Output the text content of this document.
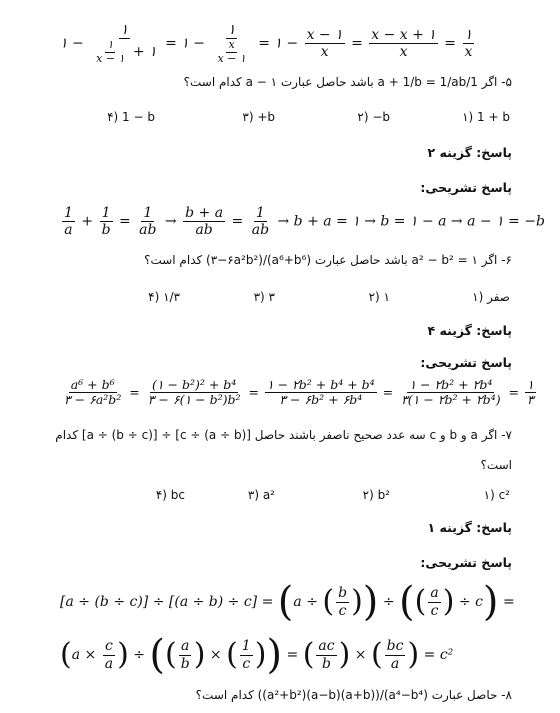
۱ − $\frac{۱}{\frac{۱}{x - ۱} + ۱}$ = ۱ − $\frac{۱}{\frac{x}{x - ۱}}$ = ۱ − $\frac{x - ۱}{x} = \frac{x - x + ۱}{x} = \frac{۱}{x}$
۵- اگر 1/a + 1/b = 1/ab باشد حاصل عبارت a − ۱ کدام است؟
۱) 1 + b
۲) −b
۳) +b
۴) 1 − b
پاسخ: گزینه ۲
پاسخ تشریحی:
$\frac{1}{a} + \frac{1}{b} = \frac{1}{ab} \to \frac{b + a}{ab} = \frac{1}{ab} \to b + a$ = ۱ → b = ۱ − a → a − ۱ = −b
۶- اگر a² − b² = ۱ باشد حاصل عبارت (a⁶+b⁶)/(۳−۶a²b²) کدام است؟
۱) صفر
۲) ۱
۳) ۳
۴) ۱/۳
پاسخ: گزینه ۴
پاسخ تشریحی:
$\frac{\text{a⁶ + b⁶}}{\text{۳ − ۶a²b²}} = \frac{\text{(۱ − b²)² + b⁴}}{\text{۳ − ۶(۱ − b²)b²}} = \frac{\text{۱ − ۲b² + b⁴ + b⁴}}{\text{۳ − ۶b² + ۶b⁴}} = \frac{\text{۱ − ۲b² + ۲b⁴}}{\text{۳(۱ − ۲b² + ۲b⁴)}} = \frac{۱}{۳}$
۷- اگر a و b و c سه عدد صحیح ناصفر باشند حاصل [(a ÷ b) ÷ c] ÷ [a ÷ (b ÷ c)] کدام
است؟
۱) c²
۲) b²
۳) a²
۴) bc
پاسخ: گزینه ۱
پاسخ تشریحی:
[a ÷ (b ÷ c)] ÷ [(a ÷ b) ÷ c] = (a ÷ ( $\frac{b}{c}$ )) ÷ (( $\frac{a}{c}$ ) ÷ c) =
($a \times \frac{c}{a}$ ) ÷ (( $\frac{a}{b}$ ) × ( $\frac{1}{c}$ )) = ( $\frac{ac}{b}$ ) × ( $\frac{bc}{a}$ ) = c²
۸- حاصل عبارت (a⁴−b⁴)/((a+b)(a−b)(a²+b²)) کدام است؟
